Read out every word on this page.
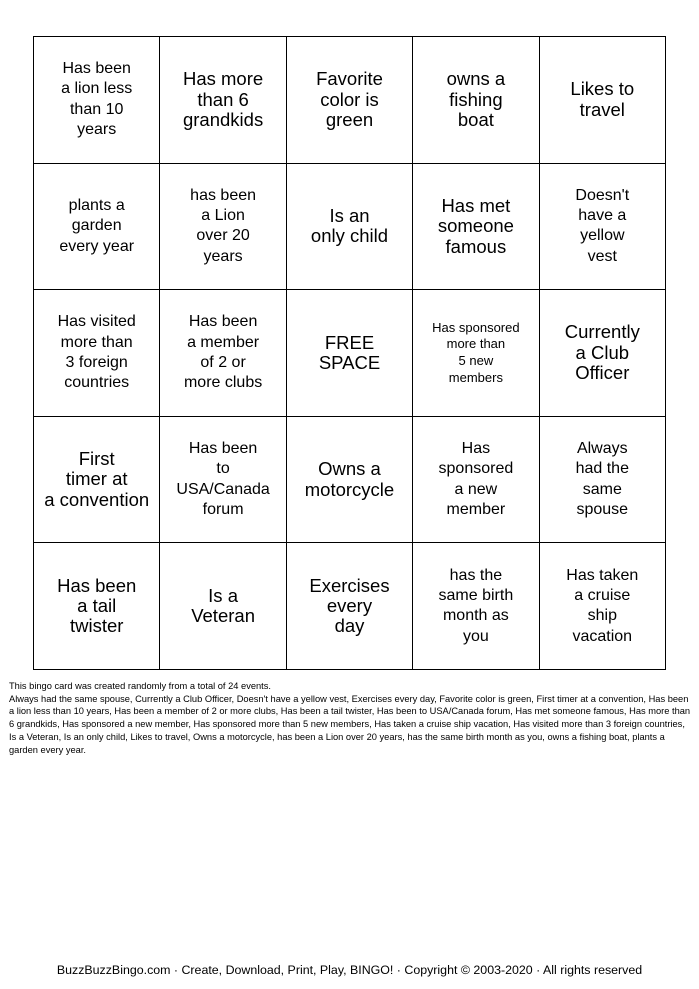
Has been
a lion less
than 10
years
Has more
than 6
grandkids
Favorite
color is
green
owns a
fishing
boat
Likes to
travel
plants a
garden
every year
has been
a Lion
over 20
years
Is an
only child
Has met
someone
famous
Doesn't
have a
yellow
vest
Has visited
more than
3 foreign
countries
Has been
a member
of 2 or
more clubs
FREE
SPACE
Has sponsored
more than
5 new
members
Currently
a Club
Officer
First
timer at
a convention
Has been
to
USA/Canada
forum
Owns a
motorcycle
Has
sponsored
a new
member
Always
had the
same
spouse
Has been
a tail
twister
Is a
Veteran
Exercises
every
day
has the
same birth
month as
you
Has taken
a cruise
ship
vacation

This bingo card was created randomly from a total of 24 events.

Always had the same spouse, Currently a Club Officer, Doesn't have a yellow vest, Exercises every day, Favorite color is green, First timer at a convention, Has been a lion less than 10 years, Has been a member of 2 or more clubs, Has been a tail twister, Has been to USA/Canada forum, Has met someone famous, Has more than 6 grandkids, Has sponsored a new member, Has sponsored more than 5 new members, Has taken a cruise ship vacation, Has visited more than 3 foreign countries, Is a Veteran, Is an only child, Likes to travel, Owns a motorcycle, has been a Lion over 20 years, has the same birth month as you, owns a fishing boat, plants a garden every year.

BuzzBuzzBingo.com · Create, Download, Print, Play, BINGO! · Copyright © 2003-2020 · All rights reserved
